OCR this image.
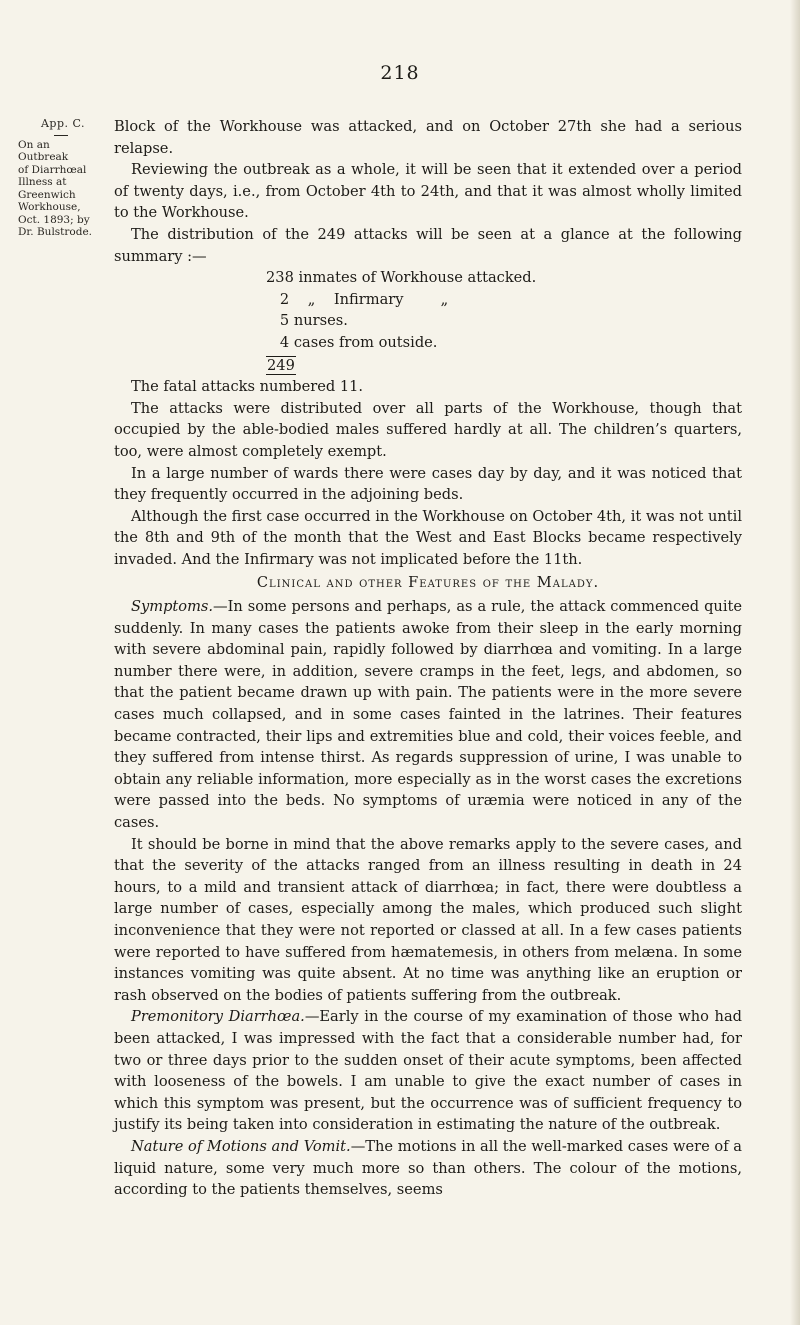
218
App. C.
On an Outbreak
of Diarrhœal
Illness at
Greenwich
Workhouse,
Oct. 1893; by
Dr. Bulstrode.

Block of the Workhouse was attacked, and on October 27th she had a serious relapse.

Reviewing the outbreak as a whole, it will be seen that it extended over a period of twenty days, i.e., from October 4th to 24th, and that it was almost wholly limited to the Workhouse.

The distribution of the 249 attacks will be seen at a glance at the following summary :—

238 inmates of Workhouse attacked.
2    „    Infirmary        „
5 nurses.
4 cases from outside.
249

The fatal attacks numbered 11.

The attacks were distributed over all parts of the Workhouse, though that occupied by the able-bodied males suffered hardly at all. The children’s quarters, too, were almost completely exempt.

In a large number of wards there were cases day by day, and it was noticed that they frequently occurred in the adjoining beds.

Although the first case occurred in the Workhouse on October 4th, it was not until the 8th and 9th of the month that the West and East Blocks became respectively invaded. And the Infirmary was not implicated before the 11th.

Clinical and other Features of the Malady.

Symptoms.—In some persons and perhaps, as a rule, the attack commenced quite suddenly. In many cases the patients awoke from their sleep in the early morning with severe abdominal pain, rapidly followed by diarrhœa and vomiting. In a large number there were, in addition, severe cramps in the feet, legs, and abdomen, so that the patient became drawn up with pain. The patients were in the more severe cases much collapsed, and in some cases fainted in the latrines. Their features became contracted, their lips and extremities blue and cold, their voices feeble, and they suffered from intense thirst. As regards suppression of urine, I was unable to obtain any reliable information, more especially as in the worst cases the excretions were passed into the beds. No symptoms of uræmia were noticed in any of the cases.

It should be borne in mind that the above remarks apply to the severe cases, and that the severity of the attacks ranged from an illness resulting in death in 24 hours, to a mild and transient attack of diarrhœa; in fact, there were doubtless a large number of cases, especially among the males, which produced such slight inconvenience that they were not reported or classed at all. In a few cases patients were reported to have suffered from hæmatemesis, in others from melæna. In some instances vomiting was quite absent. At no time was anything like an eruption or rash observed on the bodies of patients suffering from the outbreak.

Premonitory Diarrhœa.—Early in the course of my examination of those who had been attacked, I was impressed with the fact that a considerable number had, for two or three days prior to the sudden onset of their acute symptoms, been affected with looseness of the bowels. I am unable to give the exact number of cases in which this symptom was present, but the occurrence was of sufficient frequency to justify its being taken into consideration in estimating the nature of the outbreak.

Nature of Motions and Vomit.—The motions in all the well-marked cases were of a liquid nature, some very much more so than others. The colour of the motions, according to the patients themselves, seems
